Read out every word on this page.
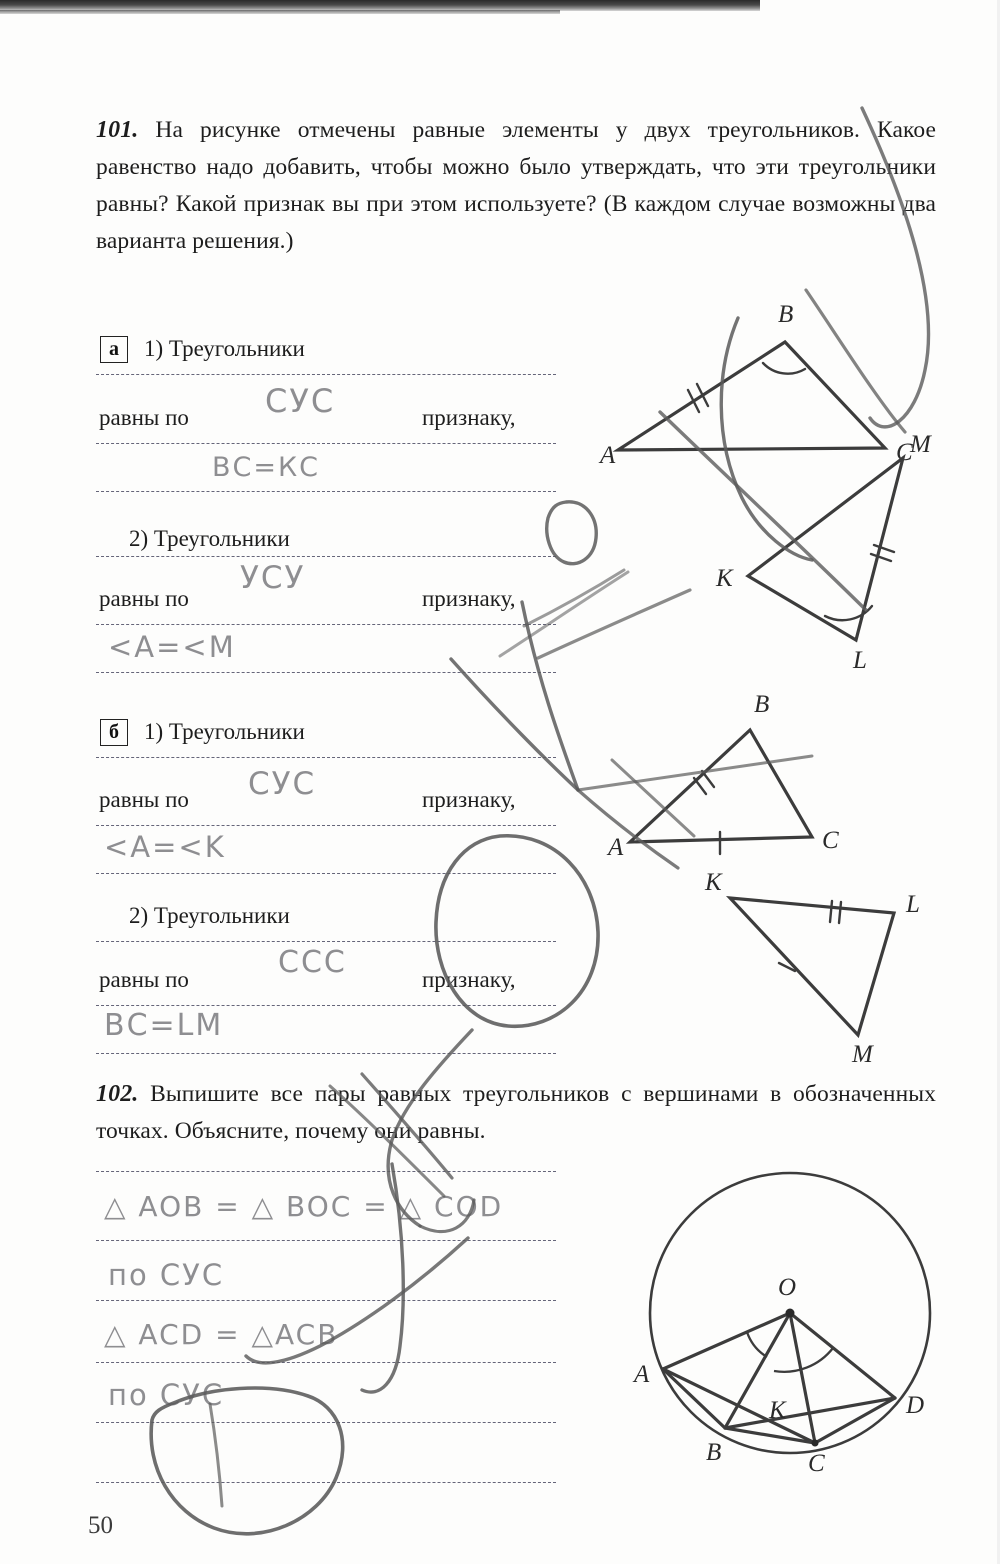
101. На рисунке отмечены равные элементы у двух треугольников. Какое равенство надо добавить, чтобы можно было утверждать, что эти треугольники равны? Какой признак вы при этом используете? (В каждом случае возможны два варианта решения.)
а	1) Треугольники
равны по	признаку,
СУС
ВС=КС
2) Треугольники
равны по	признаку,
УСУ
<A=<M
б	1) Треугольники
равны по	признаку,
СУС
<A=<K
2) Треугольники
равны по	признаку,
ССС
ВС=LM
102. Выпишите все пары равных треугольников с вершинами в обозначенных точках. Объясните, почему они равны.
△ AOB = △ BOC = △ COD
по СУС
△ ACD = △ACB
по СУС
50
B
A	C
K
M
L
B
A	C
K
L
M
O
A
B	C
D
K
